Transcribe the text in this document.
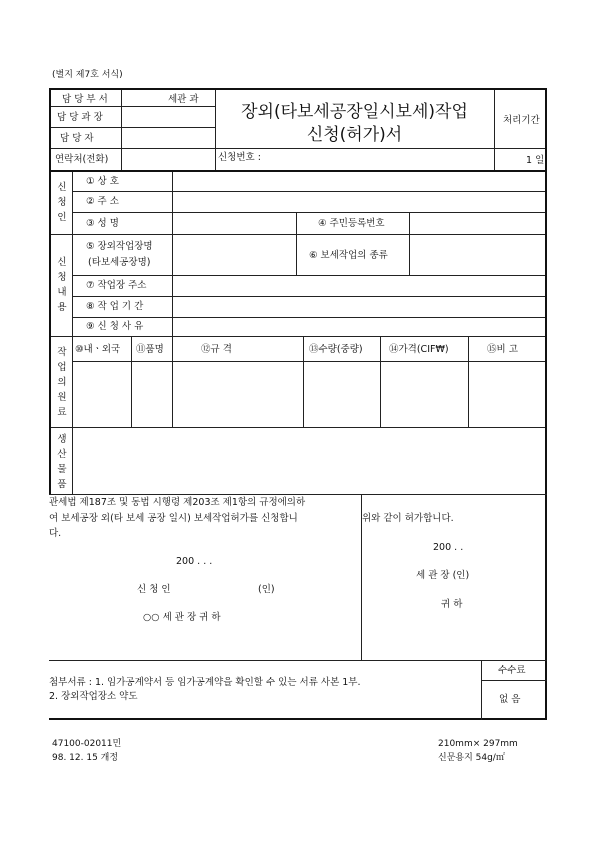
(별지 제7호 서식)
담 당 부 서	세관 과
담 당 과 장
담 당 자
연락처(전화)
장외(타보세공장일시보세)작업
신청(허가)서
신청번호 :
처리기간
1 일
신
청
인
① 상 호
② 주 소
③ 성 명	④ 주민등록번호
신
청
내
용
⑤ 장외작업장명
(타보세공장명)
⑥ 보세작업의 종류
⑦ 작업장 주소
⑧ 작 업 기 간
⑨ 신 청 사 유
작
업
의
원
료
⑩내ㆍ외국 ⑪품명	⑫규 격	⑬수량(중량)	⑭가격(CIF₩)	⑮비 고
생
산
물
품
관세법 제187조 및 동법 시행령 제203조 제1항의 규정에의하
여 보세공장 외(타 보세 공장 일시) 보세작업허가를 신청합니
다.
200 . . .
신 청 인	(인)
○○ 세 관 장 귀 하
위와 같이 허가합니다.
200 . .
세 관 장 (인)
귀 하
첨부서류 : 1. 임가공계약서 등 임가공계약을 확인할 수 있는 서류 사본 1부.
2. 장외작업장소 약도
수수료
없 음
47100-02011민
98. 12. 15 개정
210mm× 297mm
신문용지 54g/㎡
